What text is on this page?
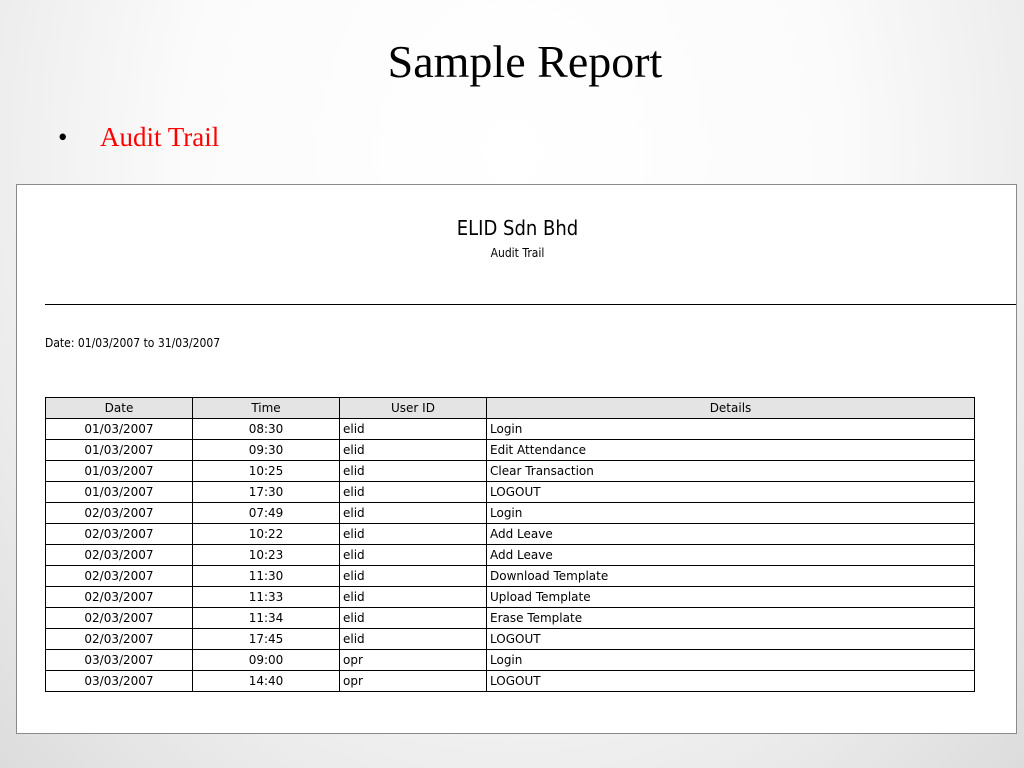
Sample Report
• Audit Trail
ELID Sdn Bhd
Audit Trail
Date: 01/03/2007 to 31/03/2007
Date	Time	User ID	Details
01/03/2007	08:30	elid	Login
01/03/2007	09:30	elid	Edit Attendance
01/03/2007	10:25	elid	Clear Transaction
01/03/2007	17:30	elid	LOGOUT
02/03/2007	07:49	elid	Login
02/03/2007	10:22	elid	Add Leave
02/03/2007	10:23	elid	Add Leave
02/03/2007	11:30	elid	Download Template
02/03/2007	11:33	elid	Upload Template
02/03/2007	11:34	elid	Erase Template
02/03/2007	17:45	elid	LOGOUT
03/03/2007	09:00	opr	Login
03/03/2007	14:40	opr	LOGOUT
